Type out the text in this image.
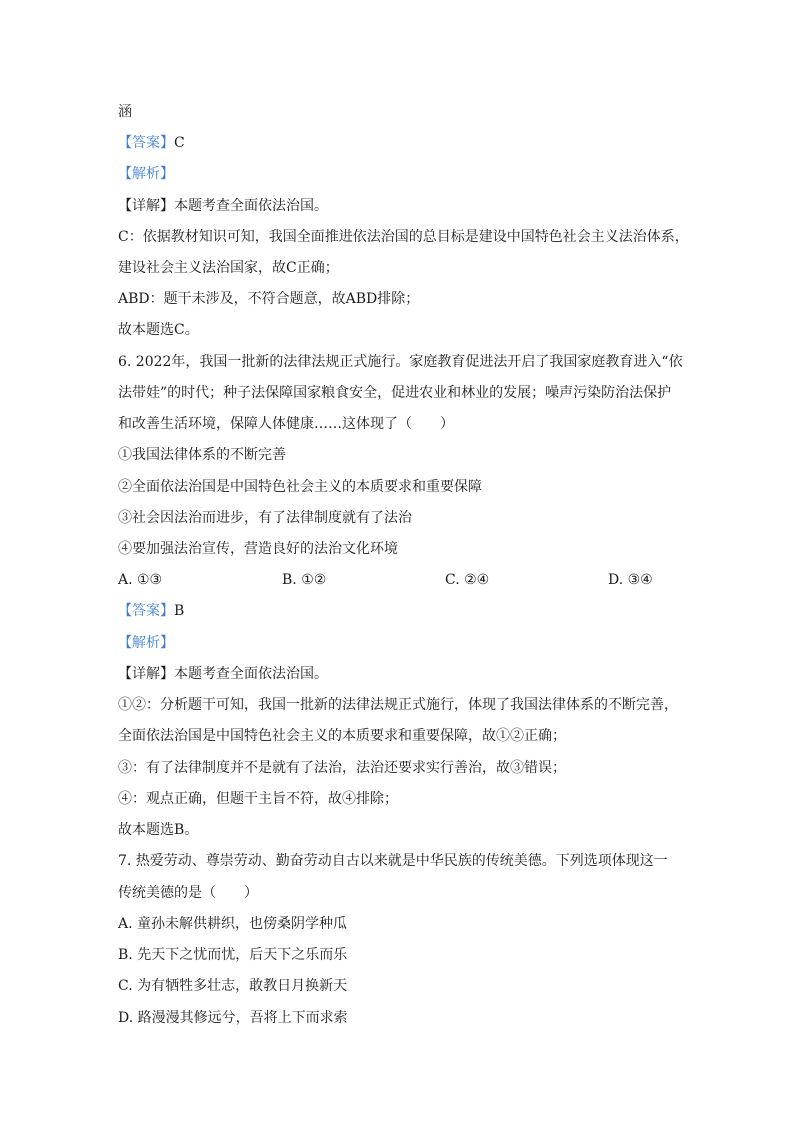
涵
【答案】C
【解析】
【详解】本题考查全面依法治国。
C：依据教材知识可知，我国全面推进依法治国的总目标是建设中国特色社会主义法治体系，
建设社会主义法治国家，故C正确；
ABD：题干未涉及，不符合题意，故ABD排除；
故本题选C。
6. 2022年，我国一批新的法律法规正式施行。家庭教育促进法开启了我国家庭教育进入“依
法带娃”的时代；种子法保障国家粮食安全，促进农业和林业的发展；噪声污染防治法保护
和改善生活环境，保障人体健康……这体现了（　　）
①我国法律体系的不断完善
②全面依法治国是中国特色社会主义的本质要求和重要保障
③社会因法治而进步，有了法律制度就有了法治
④要加强法治宣传，营造良好的法治文化环境
A. ①③	B. ①②	C. ②④	D. ③④
【答案】B
【解析】
【详解】本题考查全面依法治国。
①②：分析题干可知，我国一批新的法律法规正式施行，体现了我国法律体系的不断完善，
全面依法治国是中国特色社会主义的本质要求和重要保障，故①②正确；
③：有了法律制度并不是就有了法治，法治还要求实行善治，故③错误；
④：观点正确，但题干主旨不符，故④排除；
故本题选B。
7. 热爱劳动、尊崇劳动、勤奋劳动自古以来就是中华民族的传统美德。下列选项体现这一
传统美德的是（　　）
A. 童孙未解供耕织，也傍桑阴学种瓜
B. 先天下之忧而忧，后天下之乐而乐
C. 为有牺牲多壮志，敢教日月换新天
D. 路漫漫其修远兮，吾将上下而求索
